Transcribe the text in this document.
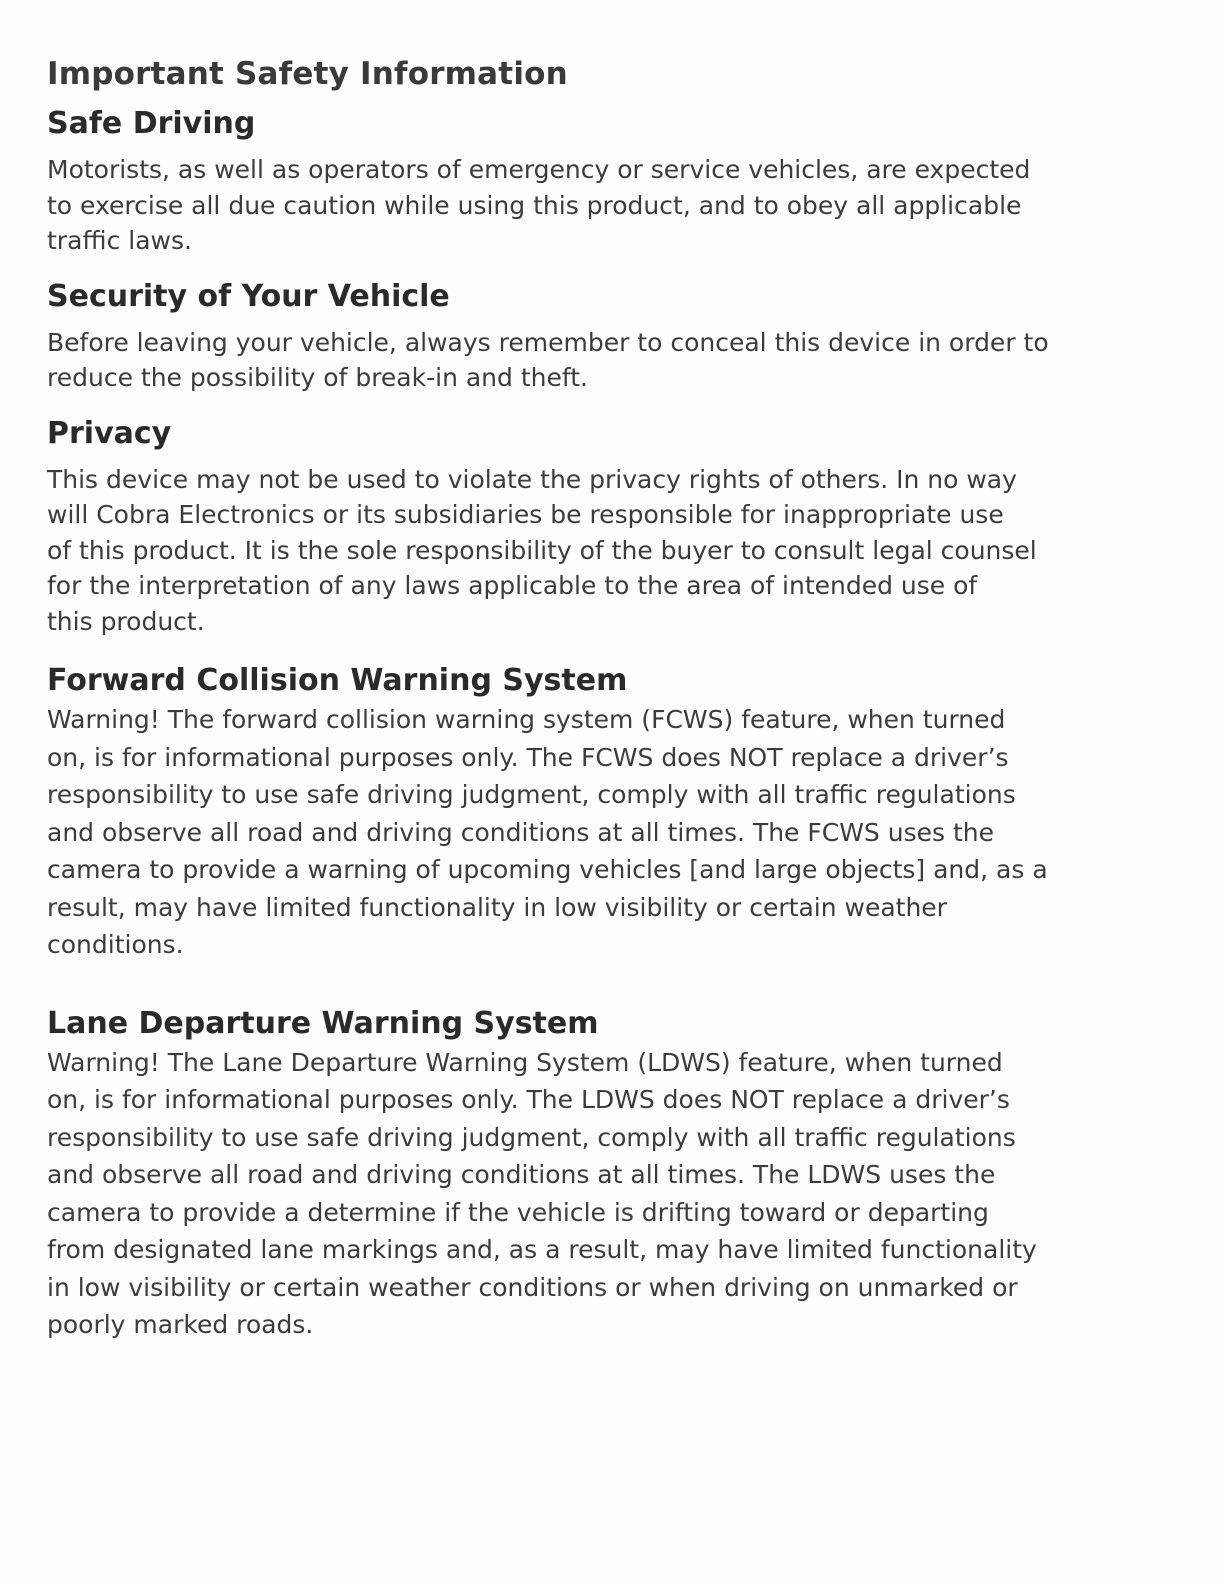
Important Safety Information
Safe Driving

Motorists, as well as operators of emergency or service vehicles, are expected
to exercise all due caution while using this product, and to obey all applicable
traffic laws.

Security of Your Vehicle

Before leaving your vehicle, always remember to conceal this device in order to
reduce the possibility of break-in and theft.

Privacy

This device may not be used to violate the privacy rights of others. In no way
will Cobra Electronics or its subsidiaries be responsible for inappropriate use
of this product. It is the sole responsibility of the buyer to consult legal counsel
for the interpretation of any laws applicable to the area of intended use of
this product.

Forward Collision Warning System

Warning! The forward collision warning system (FCWS) feature, when turned
on, is for informational purposes only. The FCWS does NOT replace a driver’s
responsibility to use safe driving judgment, comply with all traffic regulations
and observe all road and driving conditions at all times. The FCWS uses the
camera to provide a warning of upcoming vehicles [and large objects] and, as a
result, may have limited functionality in low visibility or certain weather
conditions.

Lane Departure Warning System

Warning! The Lane Departure Warning System (LDWS) feature, when turned
on, is for informational purposes only. The LDWS does NOT replace a driver’s
responsibility to use safe driving judgment, comply with all traffic regulations
and observe all road and driving conditions at all times. The LDWS uses the
camera to provide a determine if the vehicle is drifting toward or departing
from designated lane markings and, as a result, may have limited functionality
in low visibility or certain weather conditions or when driving on unmarked or
poorly marked roads.
